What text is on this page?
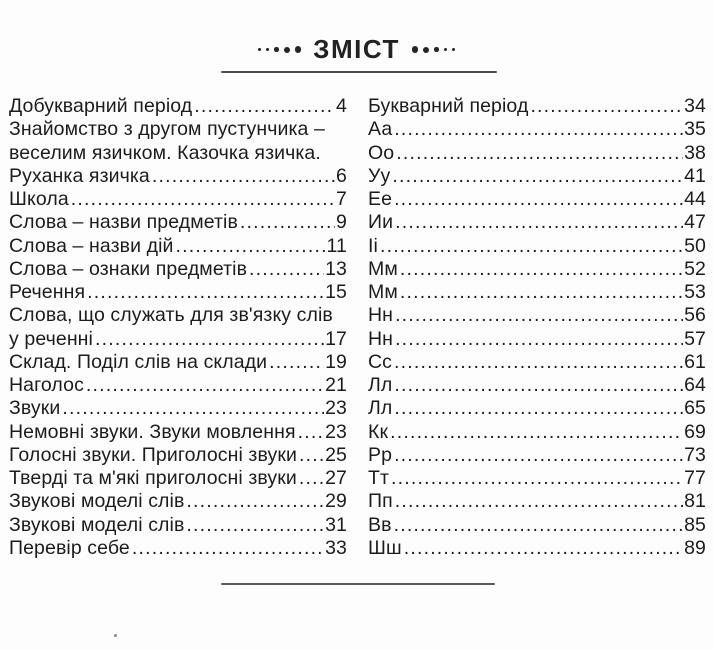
ЗМІСТ
Добукварний період .....	4
Знайомство з другом пустунчика –
веселим язичком. Казочка язичка.
Руханка язичка .....	6
Школа .....	7
Слова – назви предметів .....	9
Слова – назви дій .....	11
Слова – ознаки предметів .....	13
Речення .....	15
Слова, що служать для зв'язку слів
у реченні .....	17
Склад. Поділ слів на склади .....	19
Наголос .....	21
Звуки .....	23
Немовні звуки. Звуки мовлення ..... 23
Голосні звуки. Приголосні звуки ..... 25
Тверді та м'які приголосні звуки ..... 27
Звукові моделі слів .....	29
Звукові моделі слів .....	31
Перевір себе .....	33
Букварний період .....	34
Аа .....	35
Оо .....	38
Уу .....	41
Ее .....	44
Ии .....	47
Іі .....	50
Мм .....	52
Мм .....	53
Нн .....	56
Нн .....	57
Сс .....	61
Лл .....	64
Лл .....	65
Кк .....	69
Рр .....	73
Тт .....	77
Пп .....	81
Вв .....	85
Шш .....	89
